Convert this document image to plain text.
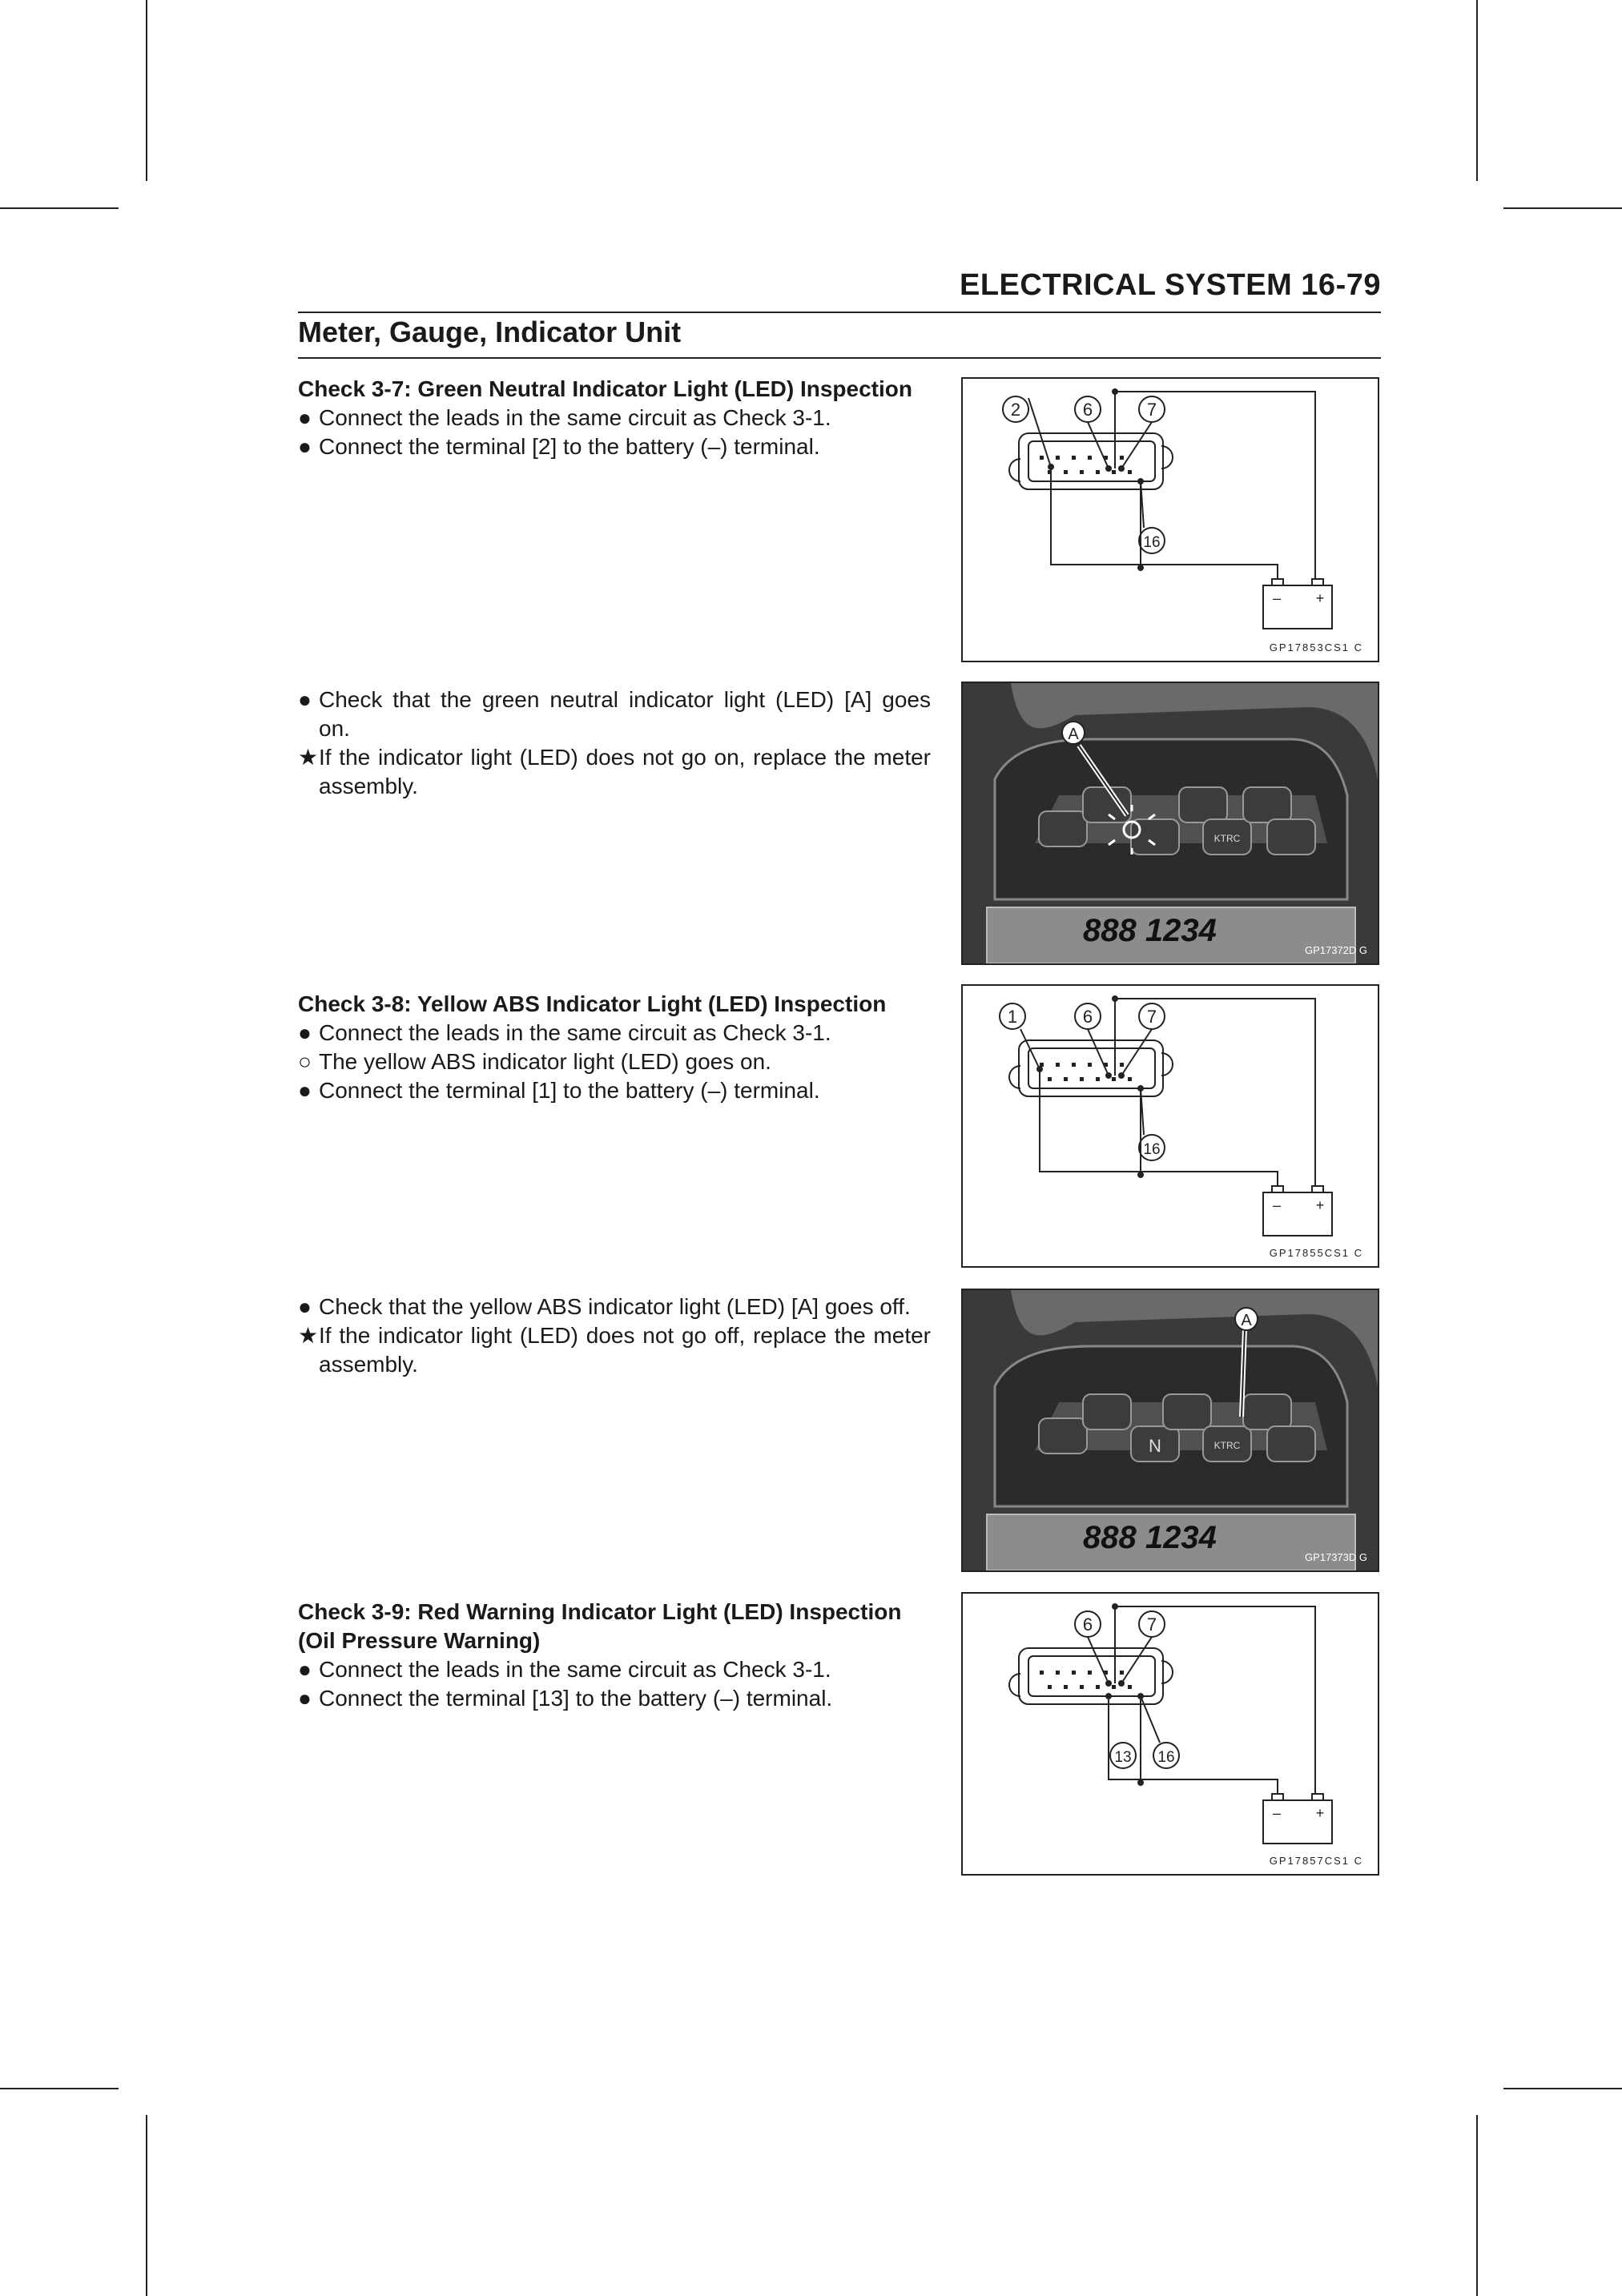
ELECTRICAL SYSTEM 16-79
Meter, Gauge, Indicator Unit
Check 3-7: Green Neutral Indicator Light (LED) Inspection

● Connect the leads in the same circuit as Check 3-1.

● Connect the terminal [2] to the battery (–) terminal.

● Check that the green neutral indicator light (LED) [A] goes on.

★ If the indicator light (LED) does not go on, replace the meter assembly.

Check 3-8: Yellow ABS Indicator Light (LED) Inspection

● Connect the leads in the same circuit as Check 3-1.

○ The yellow ABS indicator light (LED) goes on.

● Connect the terminal [1] to the battery (–) terminal.

● Check that the yellow ABS indicator light (LED) [A] goes off.

★ If the indicator light (LED) does not go off, replace the meter assembly.

Check 3-9: Red Warning Indicator Light (LED) Inspection (Oil Pressure Warning)

● Connect the leads in the same circuit as Check 3-1.

● Connect the terminal [13] to the battery (–) terminal.

2	6	7
16
– +
GP17853CS1 C
KTRC
A
888 1234
GP17372D G
1	6	7
16
– +
GP17855CS1 C
N	KTRC
A
888 1234
GP17373D G
6	7
13 16
– +
GP17857CS1 C
